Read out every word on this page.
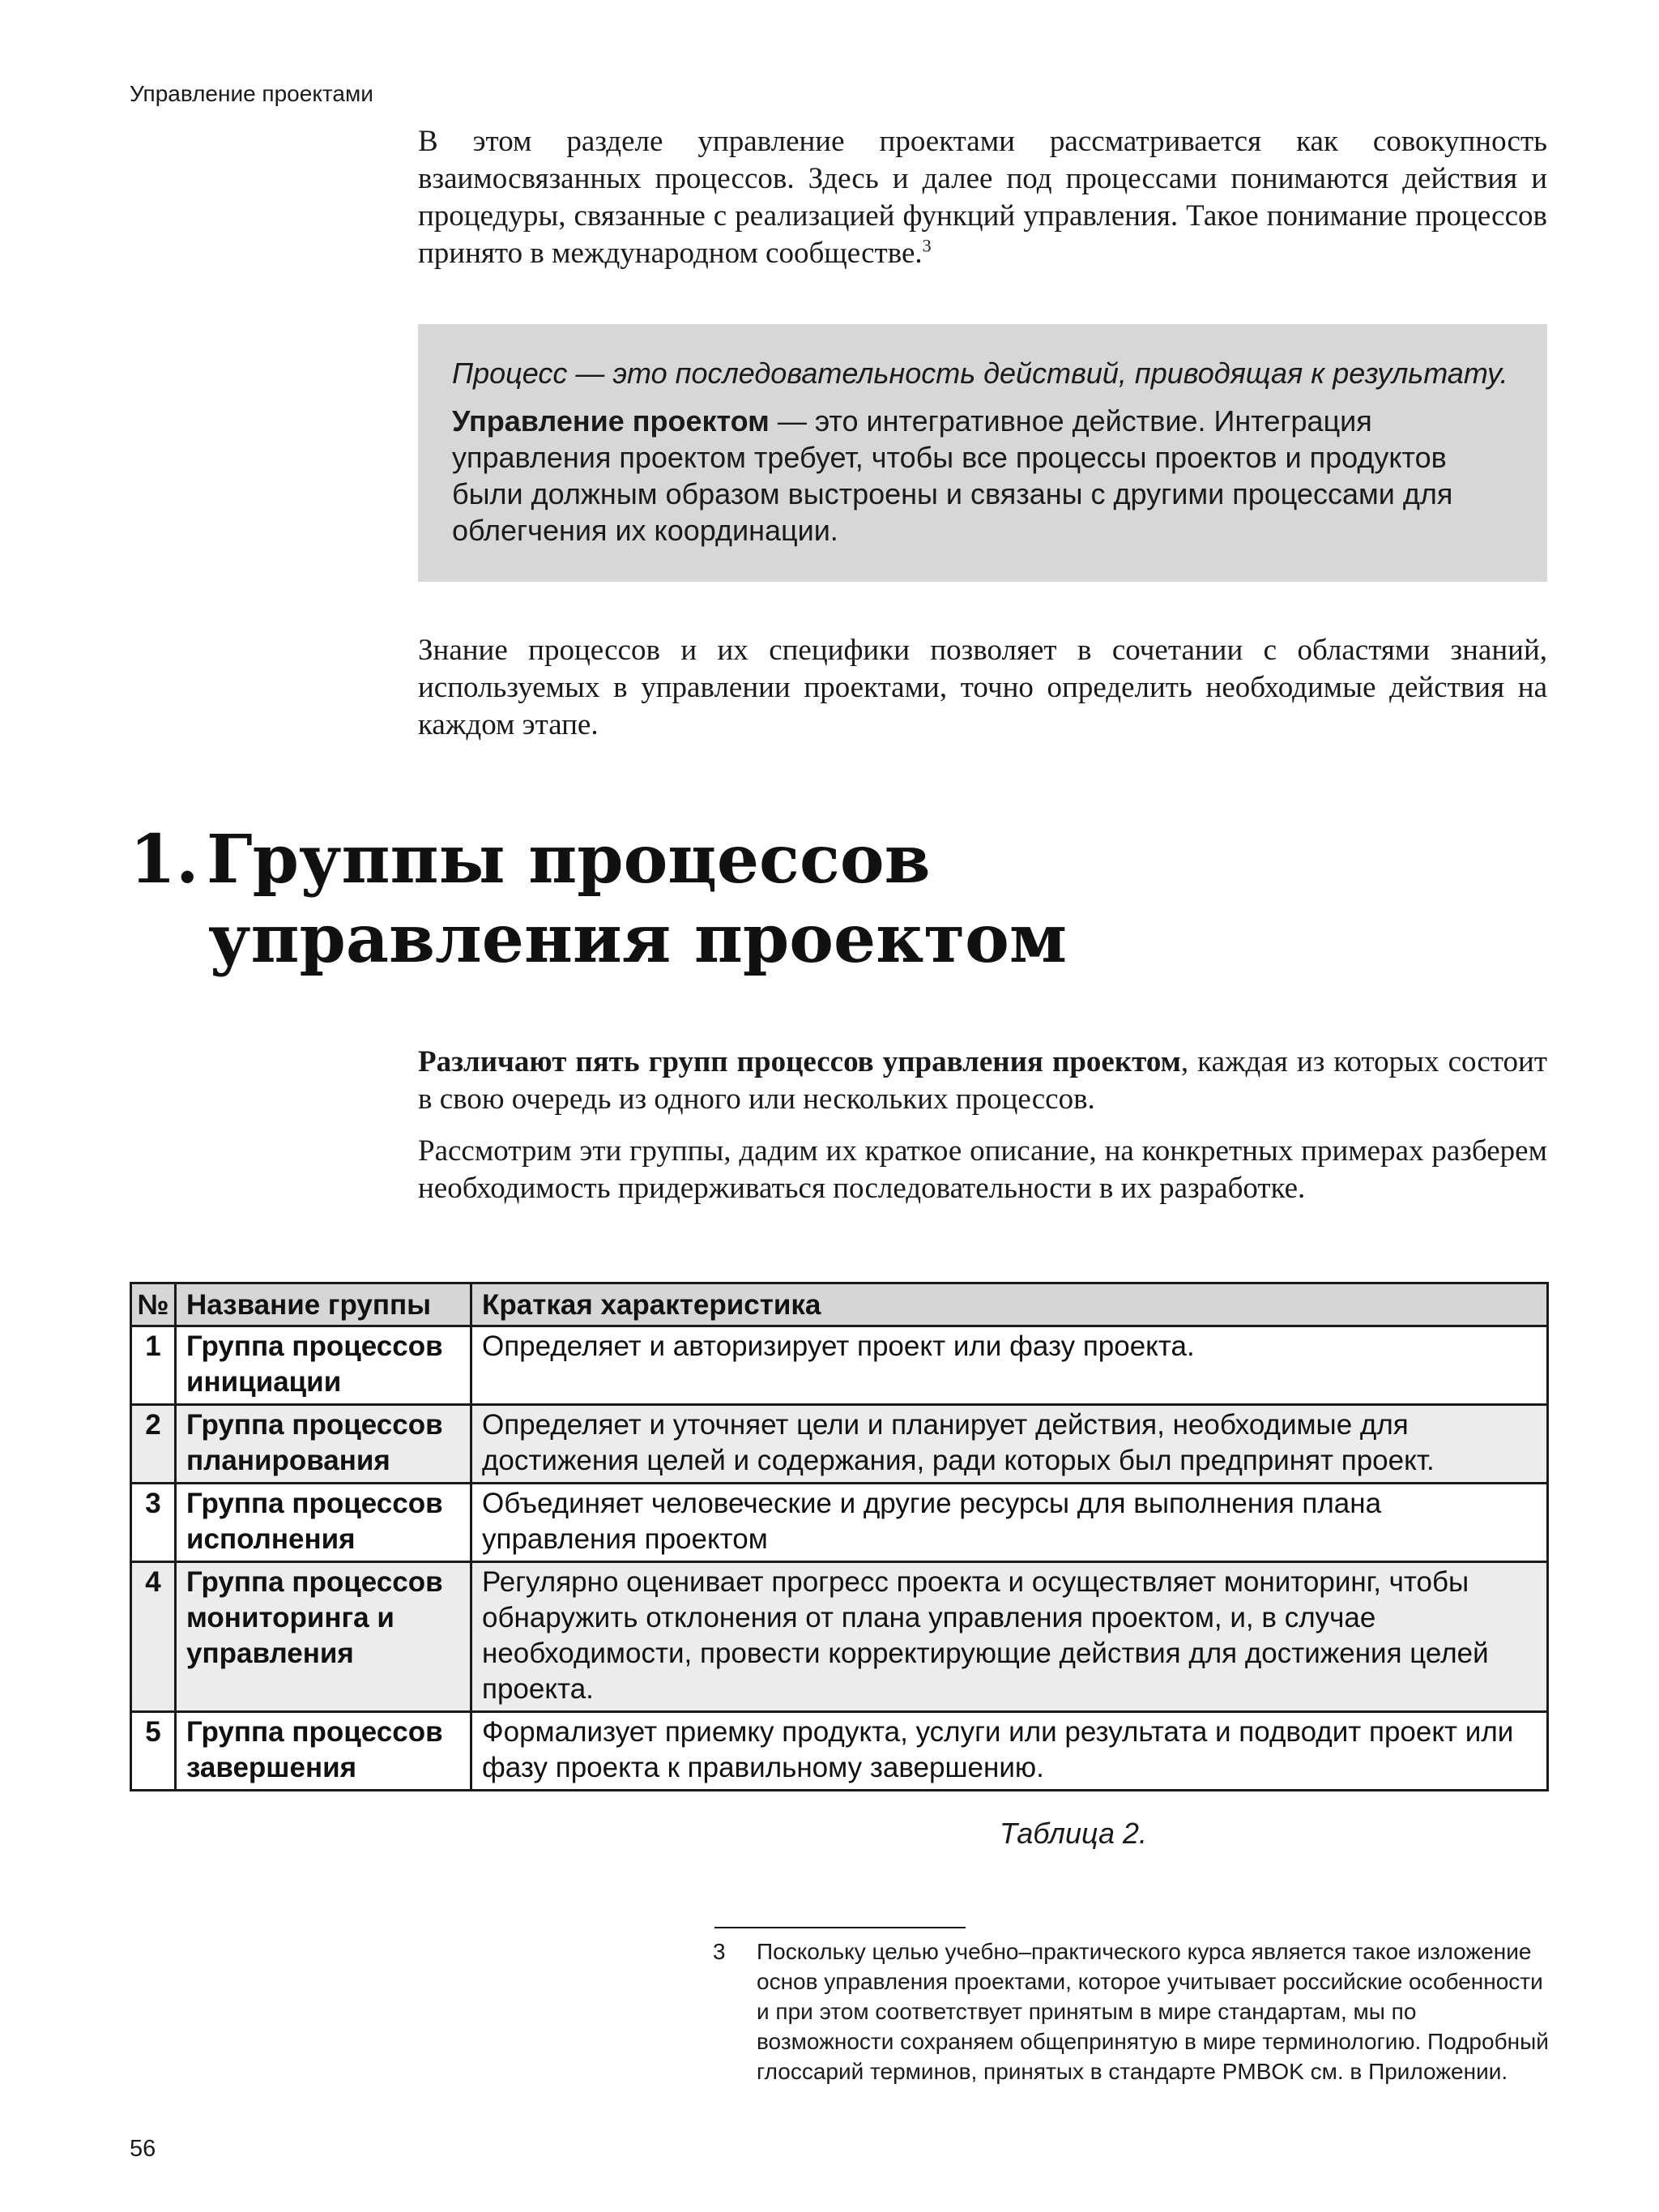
Управление проектами

В этом разделе управление проектами рассматривается как совокупность взаимосвязанных процессов. Здесь и далее под процессами понимаются действия и процедуры, связанные с реализацией функций управления. Такое понимание процессов принято в международном сообществе.$^3$

Процесс — это последовательность действий, приводящая к результату.

Управление проектом — это интегративное действие. Интеграция управления проектом требует, чтобы все процессы проектов и продуктов были должным образом выстроены и связаны с другими процессами для облегчения их координации.

Знание процессов и их специфики позволяет в сочетании с областями знаний, используемых в управлении проектами, точно определить необходимые действия на каждом этапе.

1. Группы процессов
управления проектом

Различают пять групп процессов управления проектом, каждая из которых состоит в свою очередь из одного или нескольких процессов.

Рассмотрим эти группы, дадим их краткое описание, на конкретных примерах разберем необходимость придерживаться последовательности в их разработке.

№	Название группы	Краткая характеристика
1	Группа процессов инициации	Определяет и авторизирует проект или фазу проекта.
2	Группа процессов планирования	Определяет и уточняет цели и планирует действия, необходимые для достижения целей и содержания, ради которых был предпринят проект.
3	Группа процессов исполнения	Объединяет человеческие и другие ресурсы для выполнения плана управления проектом
4	Группа процессов мониторинга и управления	Регулярно оценивает прогресс проекта и осуществляет мониторинг, чтобы обнаружить отклонения от плана управления проектом, и, в случае необходимости, провести корректирующие действия для достижения целей проекта.
5	Группа процессов завершения	Формализует приемку продукта, услуги или результата и подводит проект или фазу проекта к правильному завершению.
Таблица 2.
3 Поскольку целью учебно–практического курса является такое изложение основ управления проектами, которое учитывает российские особенности и при этом соответствует принятым в мире стандартам, мы по возможности сохраняем общепринятую в мире терминологию. Подробный глоссарий терминов, принятых в стандарте PMBOK см. в Приложении.
56
